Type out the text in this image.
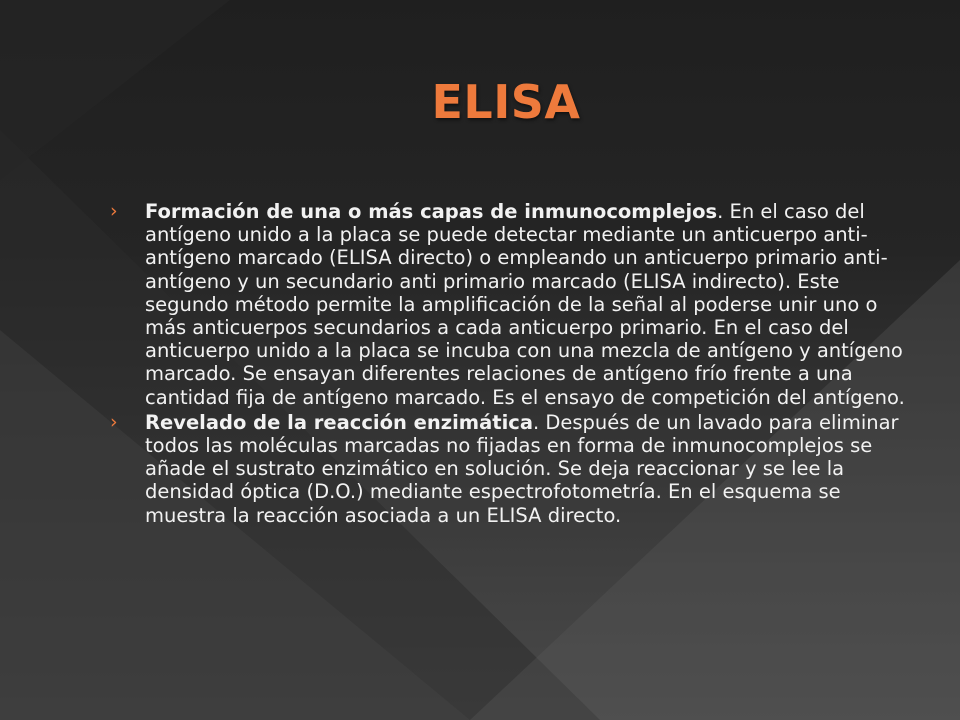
ELISA
› Formación de una o más capas de inmunocomplejos. En el caso del antígeno unido a la placa se puede detectar mediante un anticuerpo anti-antígeno marcado (ELISA directo) o empleando un anticuerpo primario anti-antígeno y un secundario anti primario marcado (ELISA indirecto). Este segundo método permite la amplificación de la señal al poderse unir uno o más anticuerpos secundarios a cada anticuerpo primario. En el caso del anticuerpo unido a la placa se incuba con una mezcla de antígeno y antígeno marcado. Se ensayan diferentes relaciones de antígeno frío frente a una cantidad fija de antígeno marcado. Es el ensayo de competición del antígeno.
› Revelado de la reacción enzimática. Después de un lavado para eliminar todos las moléculas marcadas no fijadas en forma de inmunocomplejos se añade el sustrato enzimático en solución. Se deja reaccionar y se lee la densidad óptica (D.O.) mediante espectrofotometría. En el esquema se muestra la reacción asociada a un ELISA directo.
